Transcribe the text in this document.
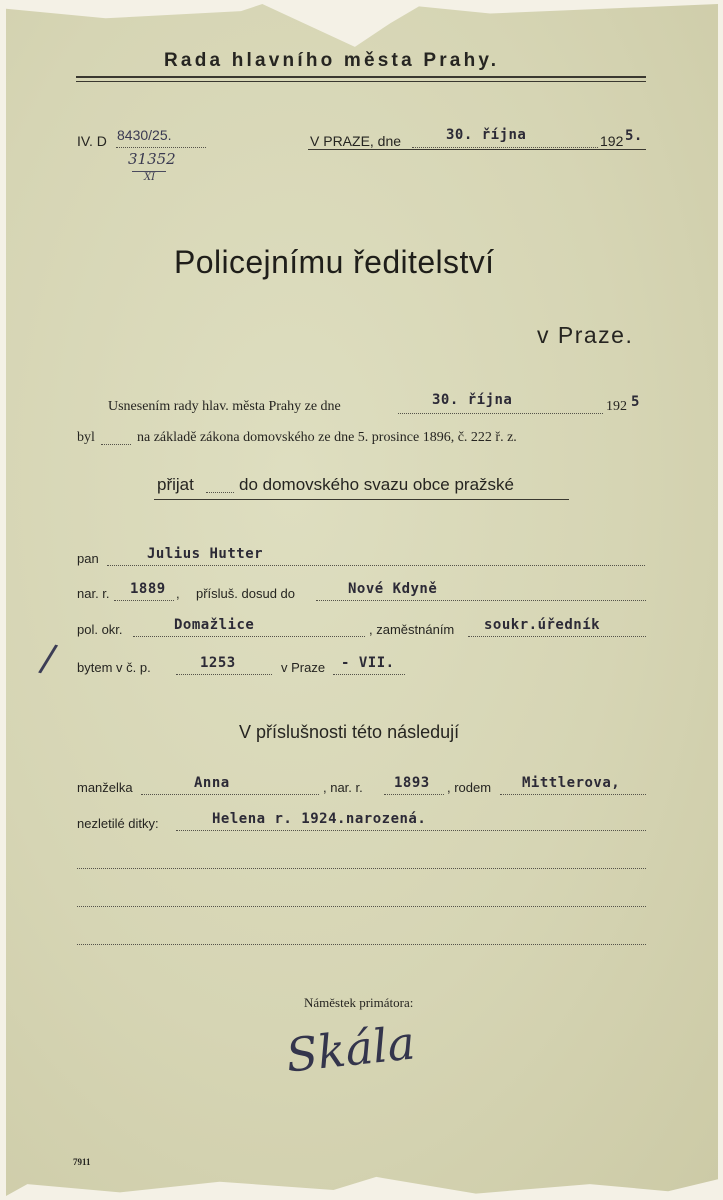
Rada hlavního města Prahy.
IV. D 8430/25.
31352
XI
V PRAZE, dne	30. října	192 5.
Policejnímu ředitelství
v Praze.
Usnesením rady hlav. města Prahy ze dne	30. října	192 5
byl	na základě zákona domovského ze dne 5. prosince 1896, č. 222 ř. z.
přijat	do domovského svazu obce pražské
pan	Julius Hutter
nar. r. 1889 , přísluš. dosud do	Nové Kdyně
pol. okr.	Domažlice	, zaměstnáním soukr.úředník
/ bytem v č. p.	1253	v Praze - VII.
V příslušnosti této následují
manželka	Anna	, nar. r. 1893 , rodem Mittlerova,
nezletilé ditky:	Helena r. 1924.narozená.
Náměstek primátora:
Skála
7911
